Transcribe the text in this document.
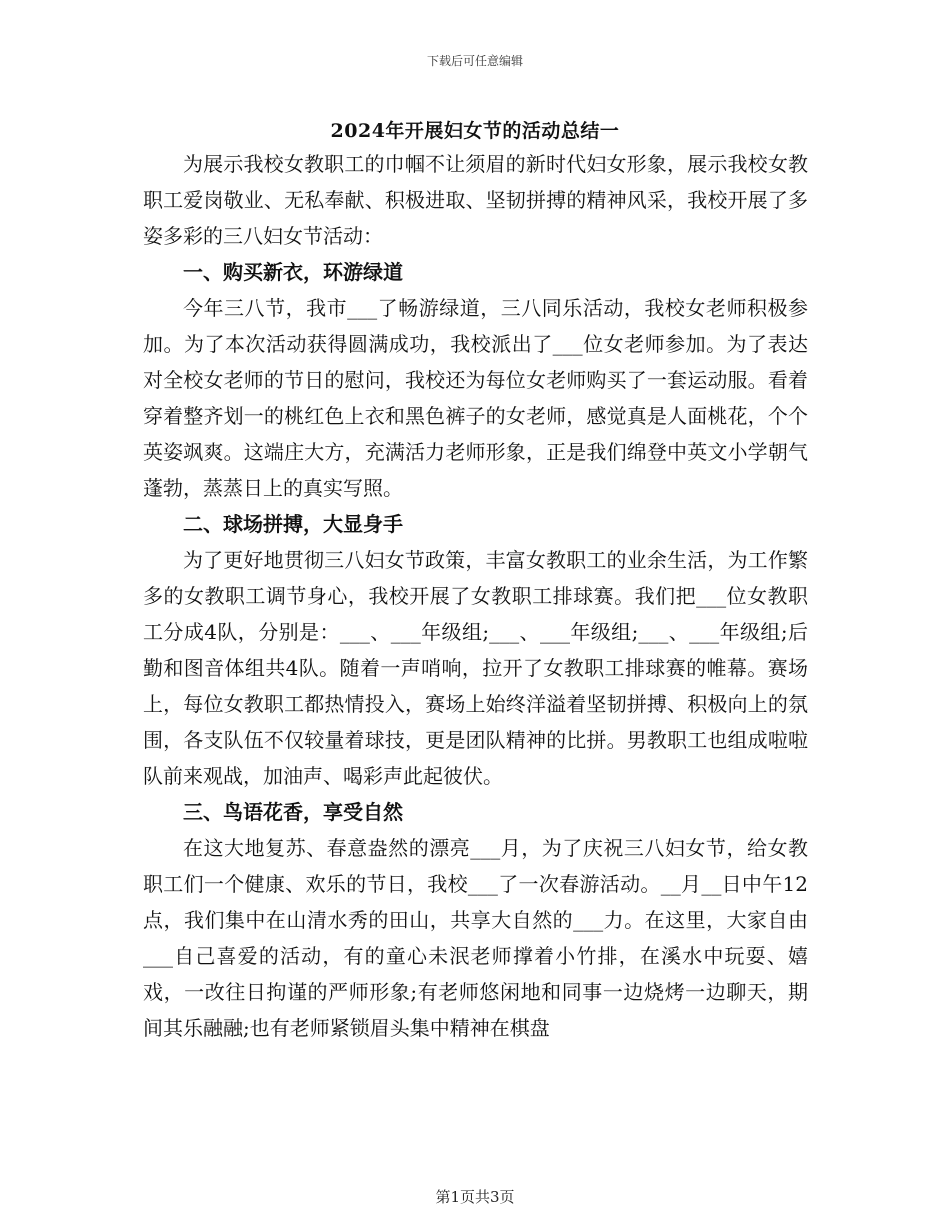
下载后可任意编辑
2024年开展妇女节的活动总结一

为展示我校女教职工的巾帼不让须眉的新时代妇女形象，展示我校女教职工爱岗敬业、无私奉献、积极进取、坚韧拼搏的精神风采，我校开展了多姿多彩的三八妇女节活动：

一、购买新衣，环游绿道

今年三八节，我市___了畅游绿道，三八同乐活动，我校女老师积极参加。为了本次活动获得圆满成功，我校派出了___位女老师参加。为了表达对全校女老师的节日的慰问，我校还为每位女老师购买了一套运动服。看着穿着整齐划一的桃红色上衣和黑色裤子的女老师，感觉真是人面桃花，个个英姿飒爽。这端庄大方，充满活力老师形象，正是我们绵登中英文小学朝气蓬勃，蒸蒸日上的真实写照。

二、球场拼搏，大显身手

为了更好地贯彻三八妇女节政策，丰富女教职工的业余生活，为工作繁多的女教职工调节身心，我校开展了女教职工排球赛。我们把___位女教职工分成4队，分别是：___、___年级组;___、___年级组;___、___年级组;后勤和图音体组共4队。随着一声哨响，拉开了女教职工排球赛的帷幕。赛场上，每位女教职工都热情投入，赛场上始终洋溢着坚韧拼搏、积极向上的氛围，各支队伍不仅较量着球技，更是团队精神的比拼。男教职工也组成啦啦队前来观战，加油声、喝彩声此起彼伏。

三、鸟语花香，享受自然

在这大地复苏、春意盎然的漂亮___月，为了庆祝三八妇女节，给女教职工们一个健康、欢乐的节日，我校___了一次春游活动。__月__日中午12点，我们集中在山清水秀的田山，共享大自然的___力。在这里，大家自由___自己喜爱的活动，有的童心未泯老师撑着小竹排，在溪水中玩耍、嬉戏，一改往日拘谨的严师形象;有老师悠闲地和同事一边烧烤一边聊天，期间其乐融融;也有老师紧锁眉头集中精神在棋盘

第1页共3页
